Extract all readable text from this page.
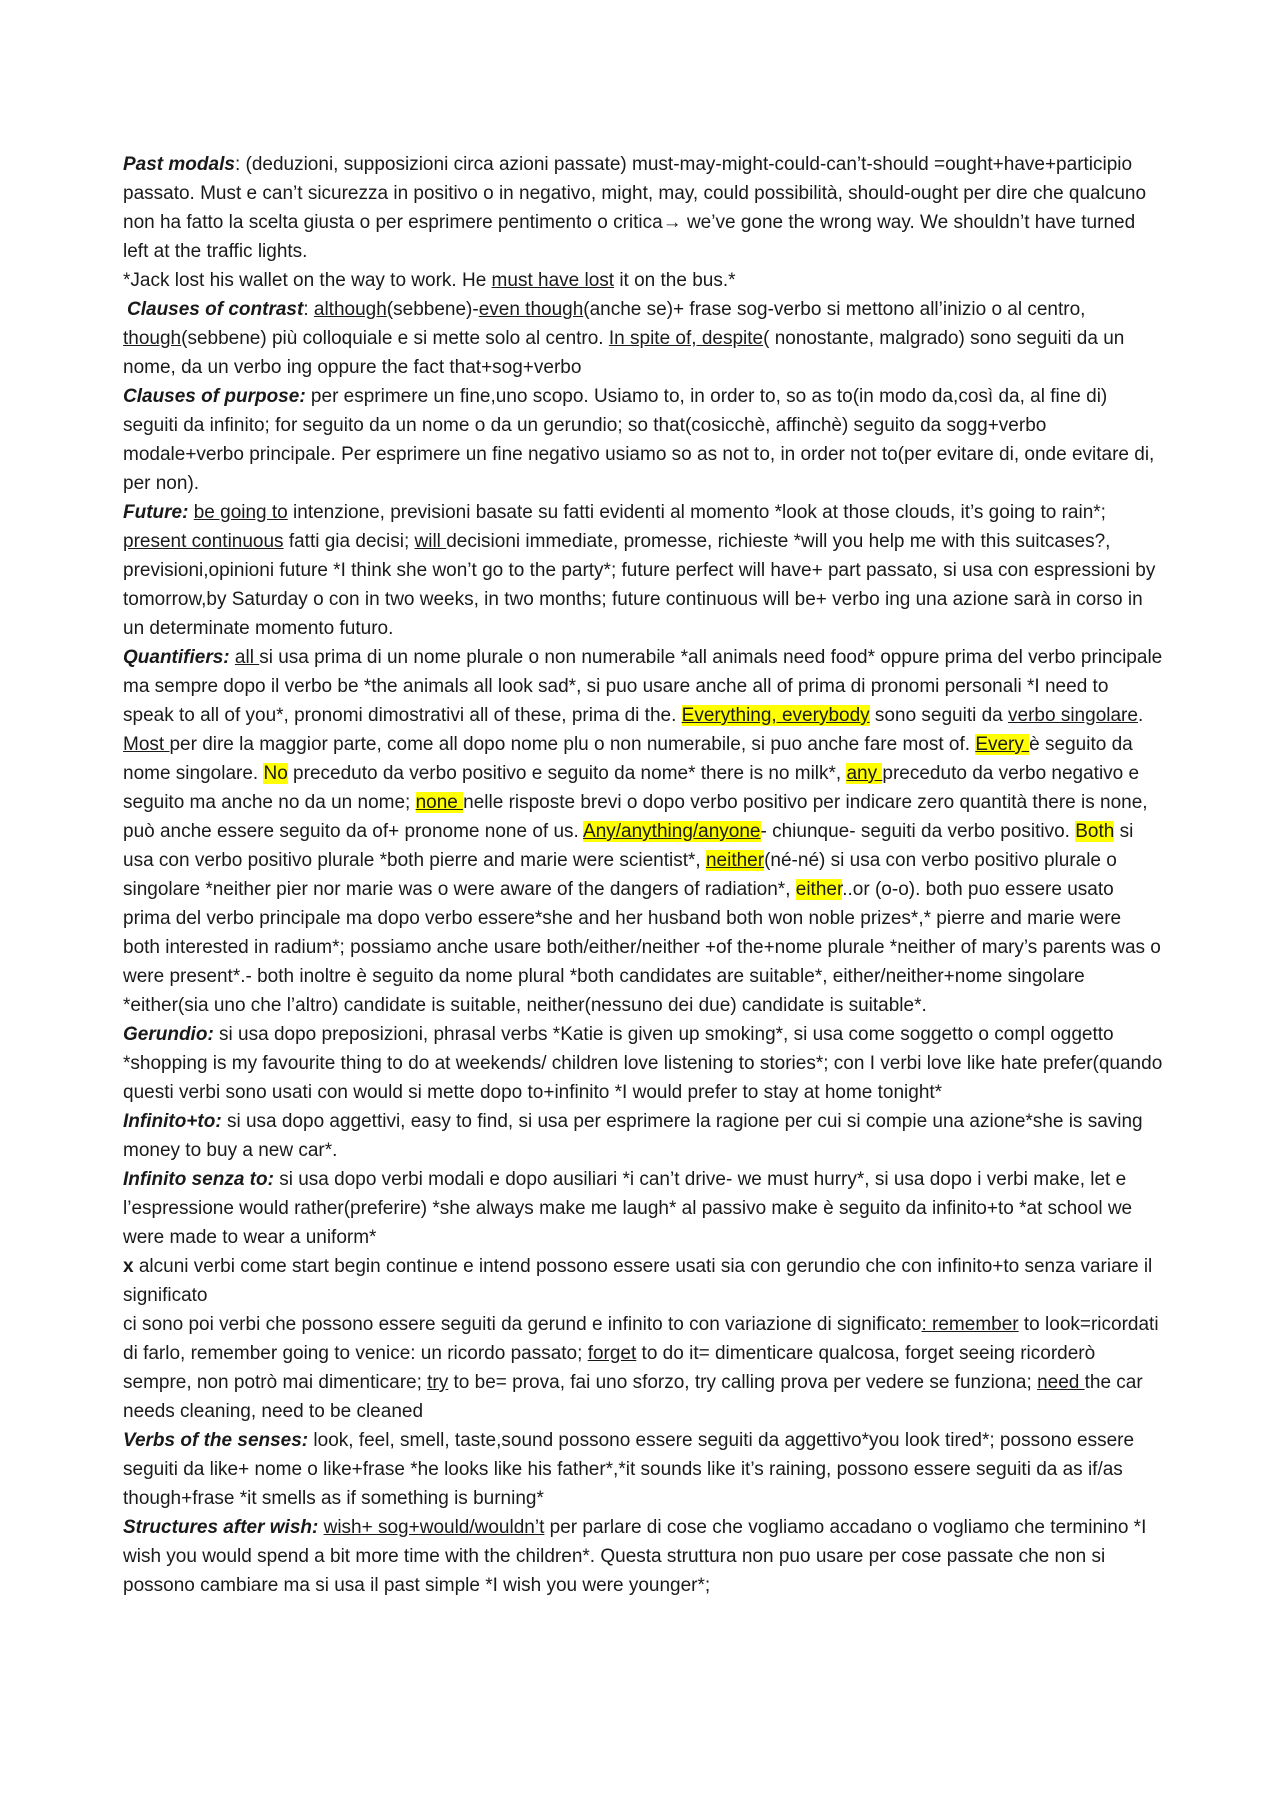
Past modals: (deduzioni, supposizioni circa azioni passate) must-may-might-could-can’t-should =ought+have+participio passato. Must e can’t sicurezza in positivo o in negativo, might, may, could possibilità, should-ought per dire che qualcuno non ha fatto la scelta giusta o per esprimere pentimento o critica→ we’ve gone the wrong way. We shouldn’t have turned left at the traffic lights.

*Jack lost his wallet on the way to work. He must have lost it on the bus.*

Clauses of contrast: although(sebbene)-even though(anche se)+ frase sog-verbo si mettono all’inizio o al centro, though(sebbene) più colloquiale e si mette solo al centro. In spite of, despite( nonostante, malgrado) sono seguiti da un nome, da un verbo ing oppure the fact that+sog+verbo

Clauses of purpose: per esprimere un fine,uno scopo. Usiamo to, in order to, so as to(in modo da,così da, al fine di) seguiti da infinito; for seguito da un nome o da un gerundio; so that(cosicchè, affinchè) seguito da sogg+verbo modale+verbo principale. Per esprimere un fine negativo usiamo so as not to, in order not to(per evitare di, onde evitare di, per non).

Future: be going to intenzione, previsioni basate su fatti evidenti al momento *look at those clouds, it’s going to rain*; present continuous fatti gia decisi; will decisioni immediate, promesse, richieste *will you help me with this suitcases?, previsioni,opinioni future *I think she won’t go to the party*; future perfect will have+ part passato, si usa con espressioni by tomorrow,by Saturday o con in two weeks, in two months; future continuous will be+ verbo ing una azione sarà in corso in un determinate momento futuro.

Quantifiers: all si usa prima di un nome plurale o non numerabile *all animals need food* oppure prima del verbo principale ma sempre dopo il verbo be *the animals all look sad*, si puo usare anche all of prima di pronomi personali *I need to speak to all of you*, pronomi dimostrativi all of these, prima di the. Everything, everybody sono seguiti da verbo singolare. Most per dire la maggior parte, come all dopo nome plu o non numerabile, si puo anche fare most of. Every è seguito da nome singolare. No preceduto da verbo positivo e seguito da nome* there is no milk*, any preceduto da verbo negativo e seguito ma anche no da un nome; none nelle risposte brevi o dopo verbo positivo per indicare zero quantità there is none, può anche essere seguito da of+ pronome none of us. Any/anything/anyone- chiunque- seguiti da verbo positivo. Both si usa con verbo positivo plurale *both pierre and marie were scientist*, neither(né-né) si usa con verbo positivo plurale o singolare *neither pier nor marie was o were aware of the dangers of radiation*, either..or (o-o). both puo essere usato prima del verbo principale ma dopo verbo essere*she and her husband both won noble prizes*,* pierre and marie were both interested in radium*; possiamo anche usare both/either/neither +of the+nome plurale *neither of mary’s parents was o were present*.- both inoltre è seguito da nome plural *both candidates are suitable*, either/neither+nome singolare *either(sia uno che l’altro) candidate is suitable, neither(nessuno dei due) candidate is suitable*.

Gerundio: si usa dopo preposizioni, phrasal verbs *Katie is given up smoking*, si usa come soggetto o compl oggetto *shopping is my favourite thing to do at weekends/ children love listening to stories*; con I verbi love like hate prefer(quando questi verbi sono usati con would si mette dopo to+infinito *I would prefer to stay at home tonight*

Infinito+to: si usa dopo aggettivi, easy to find, si usa per esprimere la ragione per cui si compie una azione*she is saving money to buy a new car*.

Infinito senza to: si usa dopo verbi modali e dopo ausiliari *i can’t drive- we must hurry*, si usa dopo i verbi make, let e l’espressione would rather(preferire) *she always make me laugh* al passivo make è seguito da infinito+to *at school we were made to wear a uniform*

x alcuni verbi come start begin continue e intend possono essere usati sia con gerundio che con infinito+to senza variare il significato

ci sono poi verbi che possono essere seguiti da gerund e infinito to con variazione di significato: remember to look=ricordati di farlo, remember going to venice: un ricordo passato; forget to do it= dimenticare qualcosa, forget seeing ricorderò sempre, non potrò mai dimenticare; try to be= prova, fai uno sforzo, try calling prova per vedere se funziona; need the car needs cleaning, need to be cleaned

Verbs of the senses: look, feel, smell, taste,sound possono essere seguiti da aggettivo*you look tired*; possono essere seguiti da like+ nome o like+frase *he looks like his father*,*it sounds like it’s raining, possono essere seguiti da as if/as though+frase *it smells as if something is burning*

Structures after wish: wish+ sog+would/wouldn’t per parlare di cose che vogliamo accadano o vogliamo che terminino *I wish you would spend a bit more time with the children*. Questa struttura non puo usare per cose passate che non si possono cambiare ma si usa il past simple *I wish you were younger*;
